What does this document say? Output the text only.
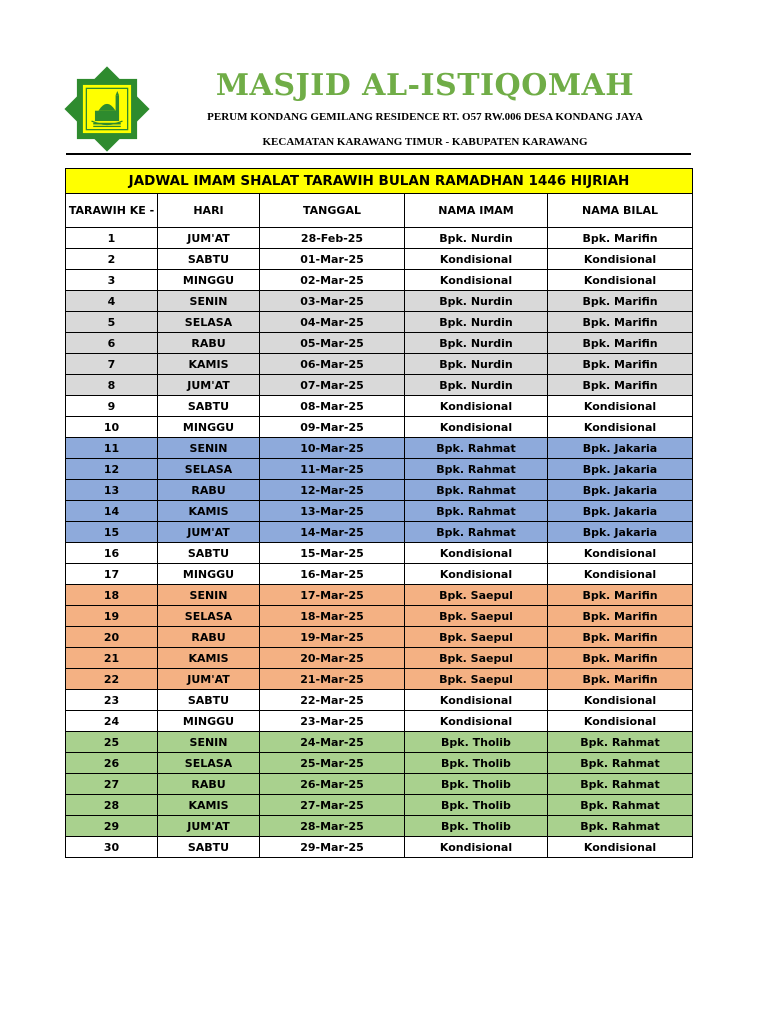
MASJID AL-ISTIQOMAH
PERUM KONDANG GEMILANG RESIDENCE RT. O57 RW.006 DESA KONDANG JAYA
KECAMATAN KARAWANG TIMUR - KABUPATEN KARAWANG
JADWAL IMAM SHALAT TARAWIH BULAN RAMADHAN 1446 HIJRIAH				
TARAWIH KE -	HARI	TANGGAL	NAMA IMAM	NAMA BILAL
1	JUM'AT	28-Feb-25	Bpk. Nurdin	Bpk. Marifin
2	SABTU	01-Mar-25	Kondisional	Kondisional
3	MINGGU	02-Mar-25	Kondisional	Kondisional
4	SENIN	03-Mar-25	Bpk. Nurdin	Bpk. Marifin
5	SELASA	04-Mar-25	Bpk. Nurdin	Bpk. Marifin
6	RABU	05-Mar-25	Bpk. Nurdin	Bpk. Marifin
7	KAMIS	06-Mar-25	Bpk. Nurdin	Bpk. Marifin
8	JUM'AT	07-Mar-25	Bpk. Nurdin	Bpk. Marifin
9	SABTU	08-Mar-25	Kondisional	Kondisional
10	MINGGU	09-Mar-25	Kondisional	Kondisional
11	SENIN	10-Mar-25	Bpk. Rahmat	Bpk. Jakaria
12	SELASA	11-Mar-25	Bpk. Rahmat	Bpk. Jakaria
13	RABU	12-Mar-25	Bpk. Rahmat	Bpk. Jakaria
14	KAMIS	13-Mar-25	Bpk. Rahmat	Bpk. Jakaria
15	JUM'AT	14-Mar-25	Bpk. Rahmat	Bpk. Jakaria
16	SABTU	15-Mar-25	Kondisional	Kondisional
17	MINGGU	16-Mar-25	Kondisional	Kondisional
18	SENIN	17-Mar-25	Bpk. Saepul	Bpk. Marifin
19	SELASA	18-Mar-25	Bpk. Saepul	Bpk. Marifin
20	RABU	19-Mar-25	Bpk. Saepul	Bpk. Marifin
21	KAMIS	20-Mar-25	Bpk. Saepul	Bpk. Marifin
22	JUM'AT	21-Mar-25	Bpk. Saepul	Bpk. Marifin
23	SABTU	22-Mar-25	Kondisional	Kondisional
24	MINGGU	23-Mar-25	Kondisional	Kondisional
25	SENIN	24-Mar-25	Bpk. Tholib	Bpk. Rahmat
26	SELASA	25-Mar-25	Bpk. Tholib	Bpk. Rahmat
27	RABU	26-Mar-25	Bpk. Tholib	Bpk. Rahmat
28	KAMIS	27-Mar-25	Bpk. Tholib	Bpk. Rahmat
29	JUM'AT	28-Mar-25	Bpk. Tholib	Bpk. Rahmat
30	SABTU	29-Mar-25	Kondisional	Kondisional
